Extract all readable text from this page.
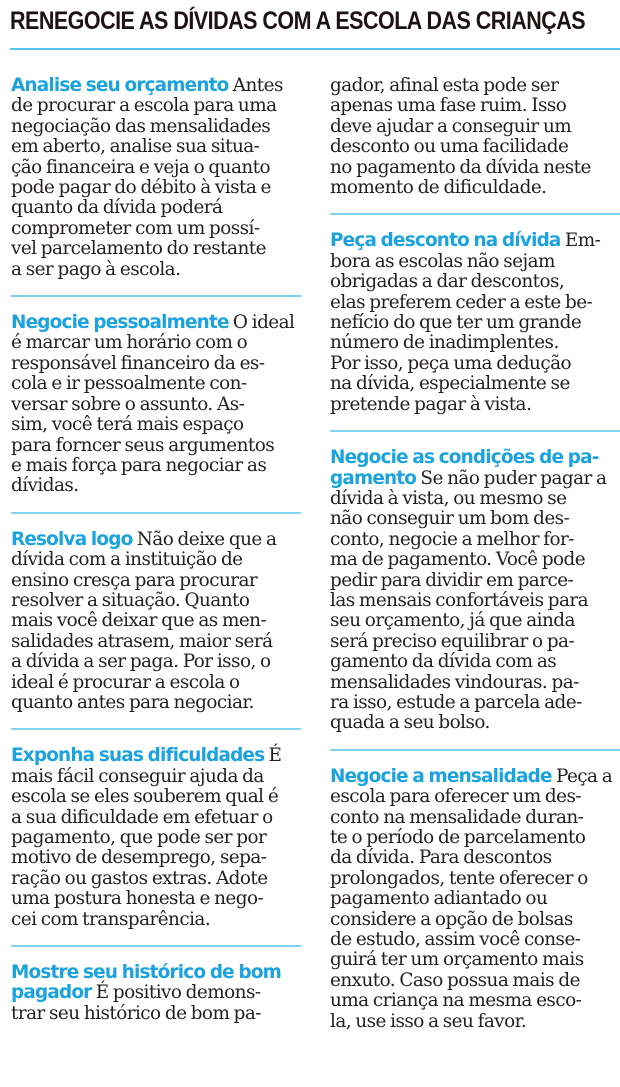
RENEGOCIE AS DÍVIDAS COM A ESCOLA DAS CRIANÇAS

Analise seu orçamento Antes
de procurar a escola para uma
negociação das mensalidades
em aberto, analise sua situa-
ção financeira e veja o quanto
pode pagar do débito à vista e
quanto da dívida poderá
comprometer com um possí-
vel parcelamento do restante
a ser pago à escola.

Negocie pessoalmente O ideal
é marcar um horário com o
responsável financeiro da es-
cola e ir pessoalmente con-
versar sobre o assunto. As-
sim, você terá mais espaço
para forncer seus argumentos
e mais força para negociar as
dívidas.

Resolva logo Não deixe que a
dívida com a instituição de
ensino cresça para procurar
resolver a situação. Quanto
mais você deixar que as men-
salidades atrasem, maior será
a dívida a ser paga. Por isso, o
ideal é procurar a escola o
quanto antes para negociar.

Exponha suas dificuldades É
mais fácil conseguir ajuda da
escola se eles souberem qual é
a sua dificuldade em efetuar o
pagamento, que pode ser por
motivo de desemprego, sepa-
ração ou gastos extras. Adote
uma postura honesta e nego-
cei com transparência.

Mostre seu histórico de bom
pagador É positivo demons-
trar seu histórico de bom pa-

gador, afinal esta pode ser
apenas uma fase ruim. Isso
deve ajudar a conseguir um
desconto ou uma facilidade
no pagamento da dívida neste
momento de dificuldade.

Peça desconto na dívida Em-
bora as escolas não sejam
obrigadas a dar descontos,
elas preferem ceder a este be-
nefício do que ter um grande
número de inadimplentes.
Por isso, peça uma dedução
na dívida, especialmente se
pretende pagar à vista.

Negocie as condições de pa-
gamento Se não puder pagar a
dívida à vista, ou mesmo se
não conseguir um bom des-
conto, negocie a melhor for-
ma de pagamento. Você pode
pedir para dividir em parce-
las mensais confortáveis para
seu orçamento, já que ainda
será preciso equilibrar o pa-
gamento da dívida com as
mensalidades vindouras. pa-
ra isso, estude a parcela ade-
quada a seu bolso.

Negocie a mensalidade Peça a
escola para oferecer um des-
conto na mensalidade duran-
te o período de parcelamento
da dívida. Para descontos
prolongados, tente oferecer o
pagamento adiantado ou
considere a opção de bolsas
de estudo, assim você conse-
guirá ter um orçamento mais
enxuto. Caso possua mais de
uma criança na mesma esco-
la, use isso a seu favor.
